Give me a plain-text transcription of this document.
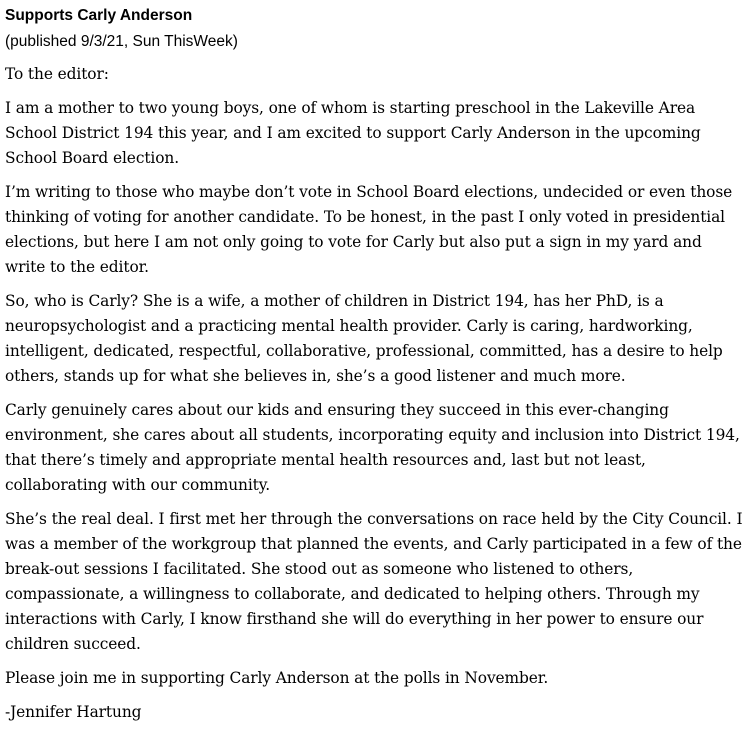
Supports Carly Anderson
(published 9/3/21, Sun ThisWeek)

To the editor:

I am a mother to two young boys, one of whom is starting preschool in the Lakeville Area School District 194 this year, and I am excited to support Carly Anderson in the upcoming School Board election.

I’m writing to those who maybe don’t vote in School Board elections, undecided or even those thinking of voting for another candidate. To be honest, in the past I only voted in presidential elections, but here I am not only going to vote for Carly but also put a sign in my yard and write to the editor.

So, who is Carly? She is a wife, a mother of children in District 194, has her PhD, is a neuropsychologist and a practicing mental health provider. Carly is caring, hardworking, intelligent, dedicated, respectful, collaborative, professional, committed, has a desire to help others, stands up for what she believes in, she’s a good listener and much more.

Carly genuinely cares about our kids and ensuring they succeed in this ever-changing environment, she cares about all students, incorporating equity and inclusion into District 194, that there’s timely and appropriate mental health resources and, last but not least, collaborating with our community.

She’s the real deal. I first met her through the conversations on race held by the City Council. I was a member of the workgroup that planned the events, and Carly participated in a few of the break-out sessions I facilitated. She stood out as someone who listened to others, compassionate, a willingness to collaborate, and dedicated to helping others. Through my interactions with Carly, I know firsthand she will do everything in her power to ensure our children succeed.

Please join me in supporting Carly Anderson at the polls in November.

-Jennifer Hartung
